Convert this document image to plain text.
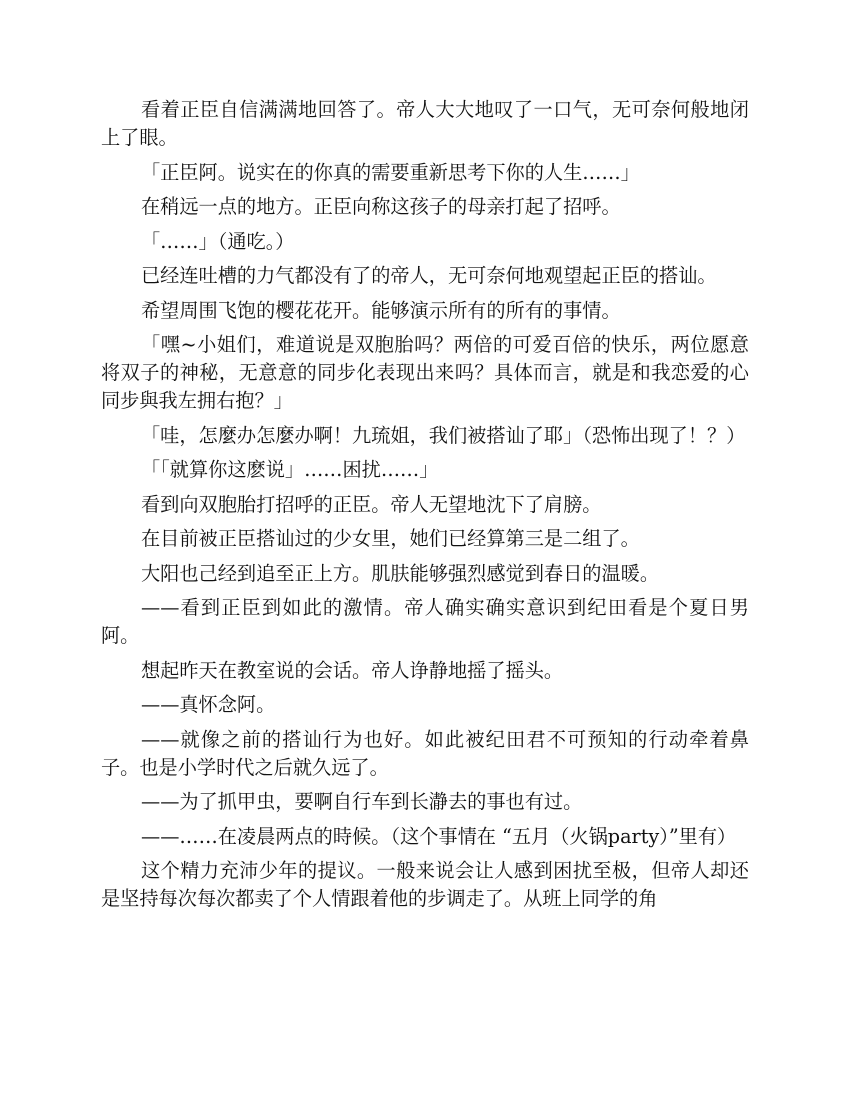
看着正臣自信满满地回答了。帝人大大地叹了一口气，无可奈何般地闭上了眼。

「正臣阿。说实在的你真的需要重新思考下你的人生……」

在稍远一点的地方。正臣向称这孩子的母亲打起了招呼。

「……」（通吃。）

已经连吐槽的力气都没有了的帝人，无可奈何地观望起正臣的搭讪。

希望周围飞饱的樱花花开。能够演示所有的所有的事情。

「嘿~小姐们，难道说是双胞胎吗？两倍的可爱百倍的快乐，两位愿意将双子的神秘，无意意的同步化表现出来吗？具体而言，就是和我恋爱的心同步與我左拥右抱？」

「哇，怎麼办怎麼办啊！九琉姐，我们被搭讪了耶」（恐怖出现了！？）

「「就算你这麽说」……困扰……」

看到向双胞胎打招呼的正臣。帝人无望地沈下了肩膀。

在目前被正臣搭讪过的少女里，她们已经算第三是二组了。

大阳也己经到追至正上方。肌肤能够强烈感觉到春日的温暖。

——看到正臣到如此的激情。帝人确实确实意识到纪田看是个夏日男阿。

想起昨天在教室说的会话。帝人诤静地摇了摇头。

——真怀念阿。

——就像之前的搭讪行为也好。如此被纪田君不可预知的行动牵着鼻子。也是小学时代之后就久远了。

——为了抓甲虫，要啊自行车到长瀞去的事也有过。

——……在凌晨两点的時候。（这个事情在 “五月（火锅party）”里有）

这个精力充沛少年的提议。一般来说会让人感到困扰至极，但帝人却还是坚持每次每次都卖了个人情跟着他的步调走了。从班上同学的角
